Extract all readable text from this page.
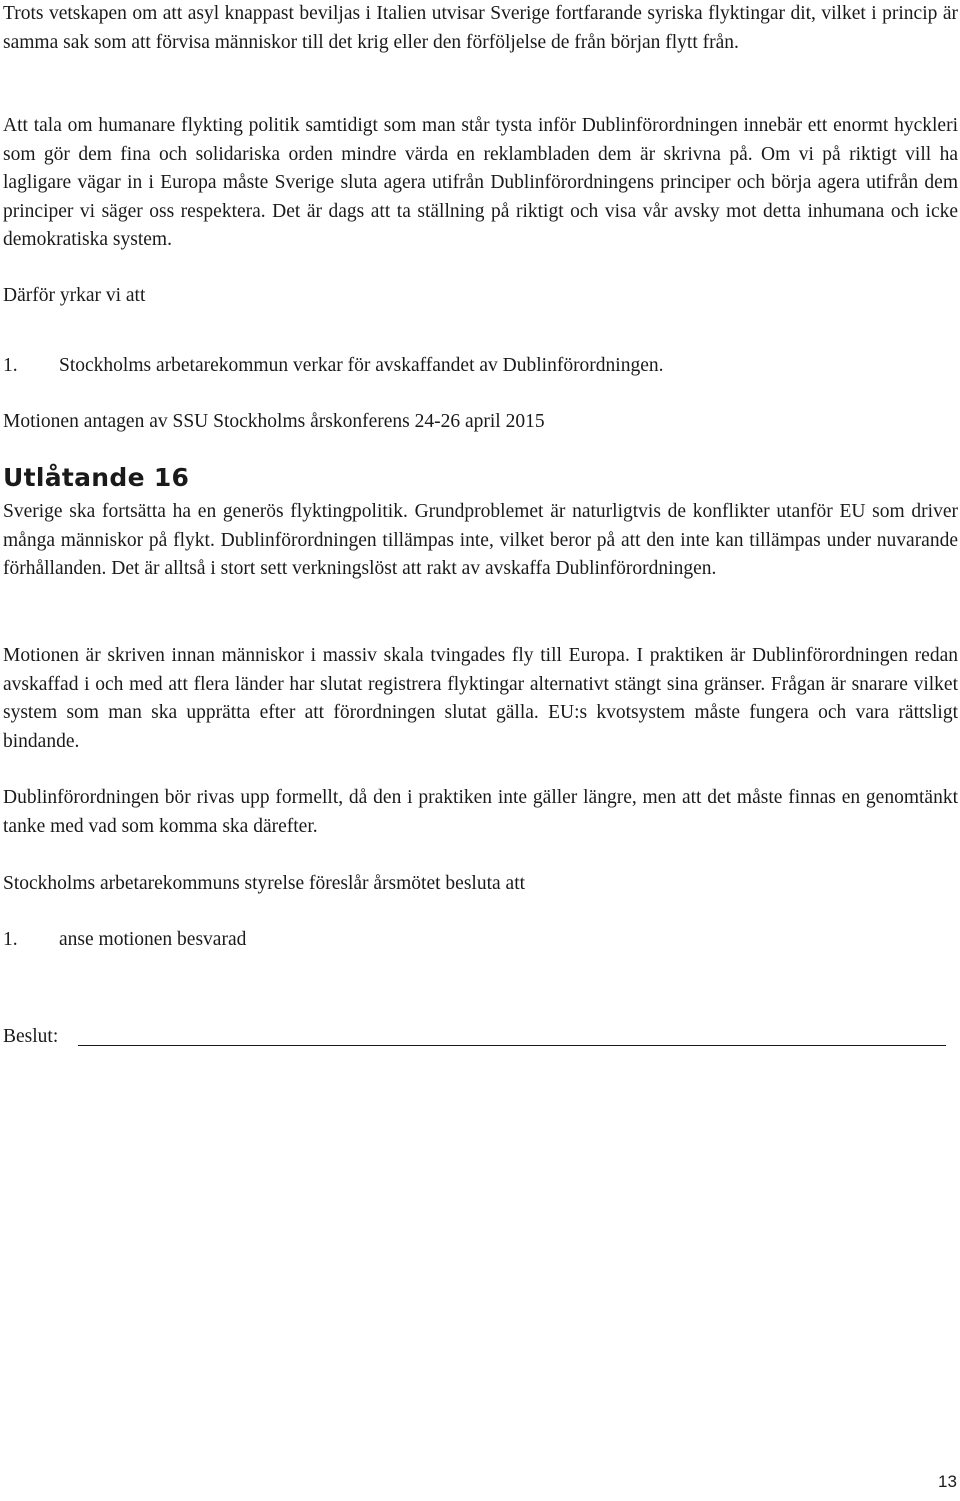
Trots vetskapen om att asyl knappast beviljas i Italien utvisar Sverige fortfarande syriska flyktingar dit, vilket i princip är samma sak som att förvisa människor till det krig eller den förföljelse de från början flytt från.

Att tala om humanare flykting politik samtidigt som man står tysta inför Dublinförordningen innebär ett enormt hyckleri som gör dem fina och solidariska orden mindre värda en reklambladen dem är skrivna på. Om vi på riktigt vill ha lagligare vägar in i Europa måste Sverige sluta agera utifrån Dublinförordningens principer och börja agera utifrån dem principer vi säger oss respektera. Det är dags att ta ställning på riktigt och visa vår avsky mot detta inhumana och icke demokratiska system.

Därför yrkar vi att

1. Stockholms arbetarekommun verkar för avskaffandet av Dublinförordningen.

Motionen antagen av SSU Stockholms årskonferens 24-26 april 2015

Utlåtande 16

Sverige ska fortsätta ha en generös flyktingpolitik. Grundproblemet är naturligtvis de konflikter utanför EU som driver många människor på flykt. Dublinförordningen tillämpas inte, vilket beror på att den inte kan tillämpas under nuvarande förhållanden. Det är alltså i stort sett verkningslöst att rakt av avskaffa Dublinförordningen.

Motionen är skriven innan människor i massiv skala tvingades fly till Europa. I praktiken är Dublinförordningen redan avskaffad i och med att flera länder har slutat registrera flyktingar alternativt stängt sina gränser. Frågan är snarare vilket system som man ska upprätta efter att förordningen slutat gälla. EU:s kvotsystem måste fungera och vara rättsligt bindande.

Dublinförordningen bör rivas upp formellt, då den i praktiken inte gäller längre, men att det måste finnas en genomtänkt tanke med vad som komma ska därefter.

Stockholms arbetarekommuns styrelse föreslår årsmötet besluta att

1. anse motionen besvarad

Beslut:
13
